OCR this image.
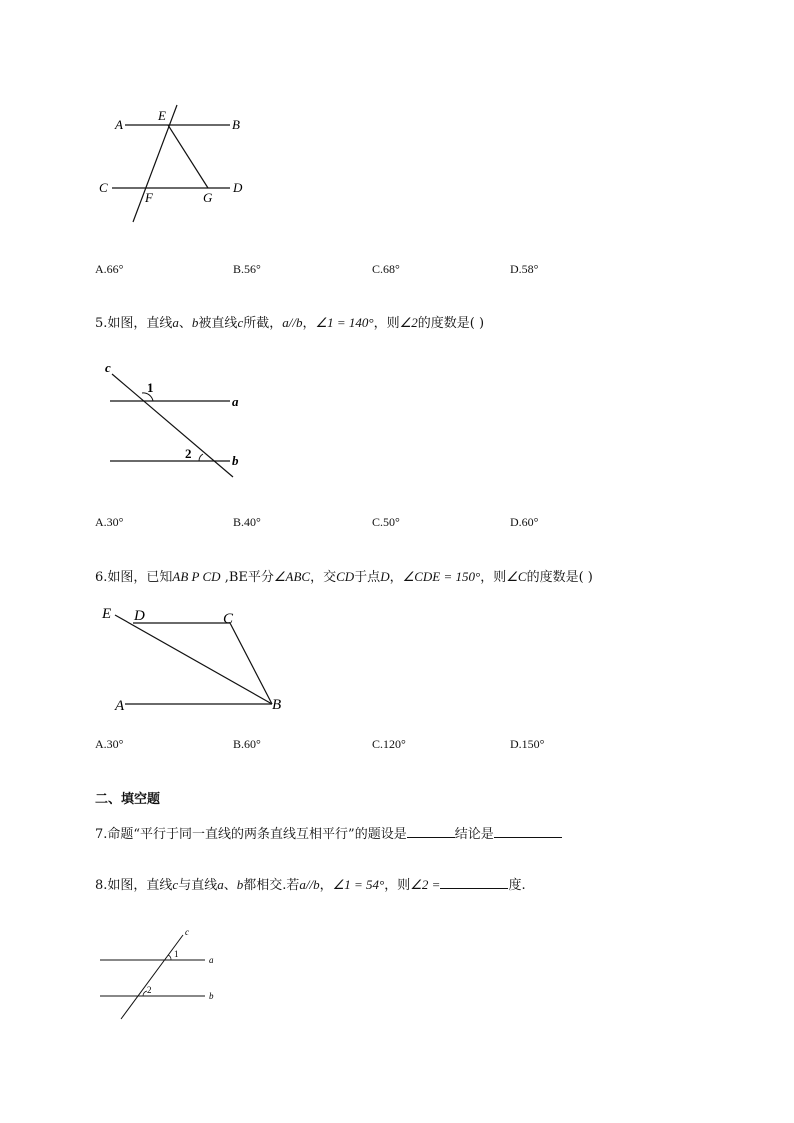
A
E
B
C
F	G
D
A.66°	B.56°	C.68°	D.58°
5.如图，直线a、b被直线c所截，a//b，∠1 = 140°，则∠2的度数是( )
c
1
a
2	b
A.30°	B.40°	C.50°	D.60°
6.如图，已知AB P CD ,BE平分∠ABC，交CD于点D，∠CDE = 150°，则∠C的度数是( )
E D	C
A	B
A.30°	B.60°	C.120°	D.150°
二、填空题
7.命题“平行于同一直线的两条直线互相平行”的题设是	结论是
8.如图，直线c与直线a、b都相交.若a//b，∠1 = 54°，则∠2 =	度.
c
1
a
2
b
